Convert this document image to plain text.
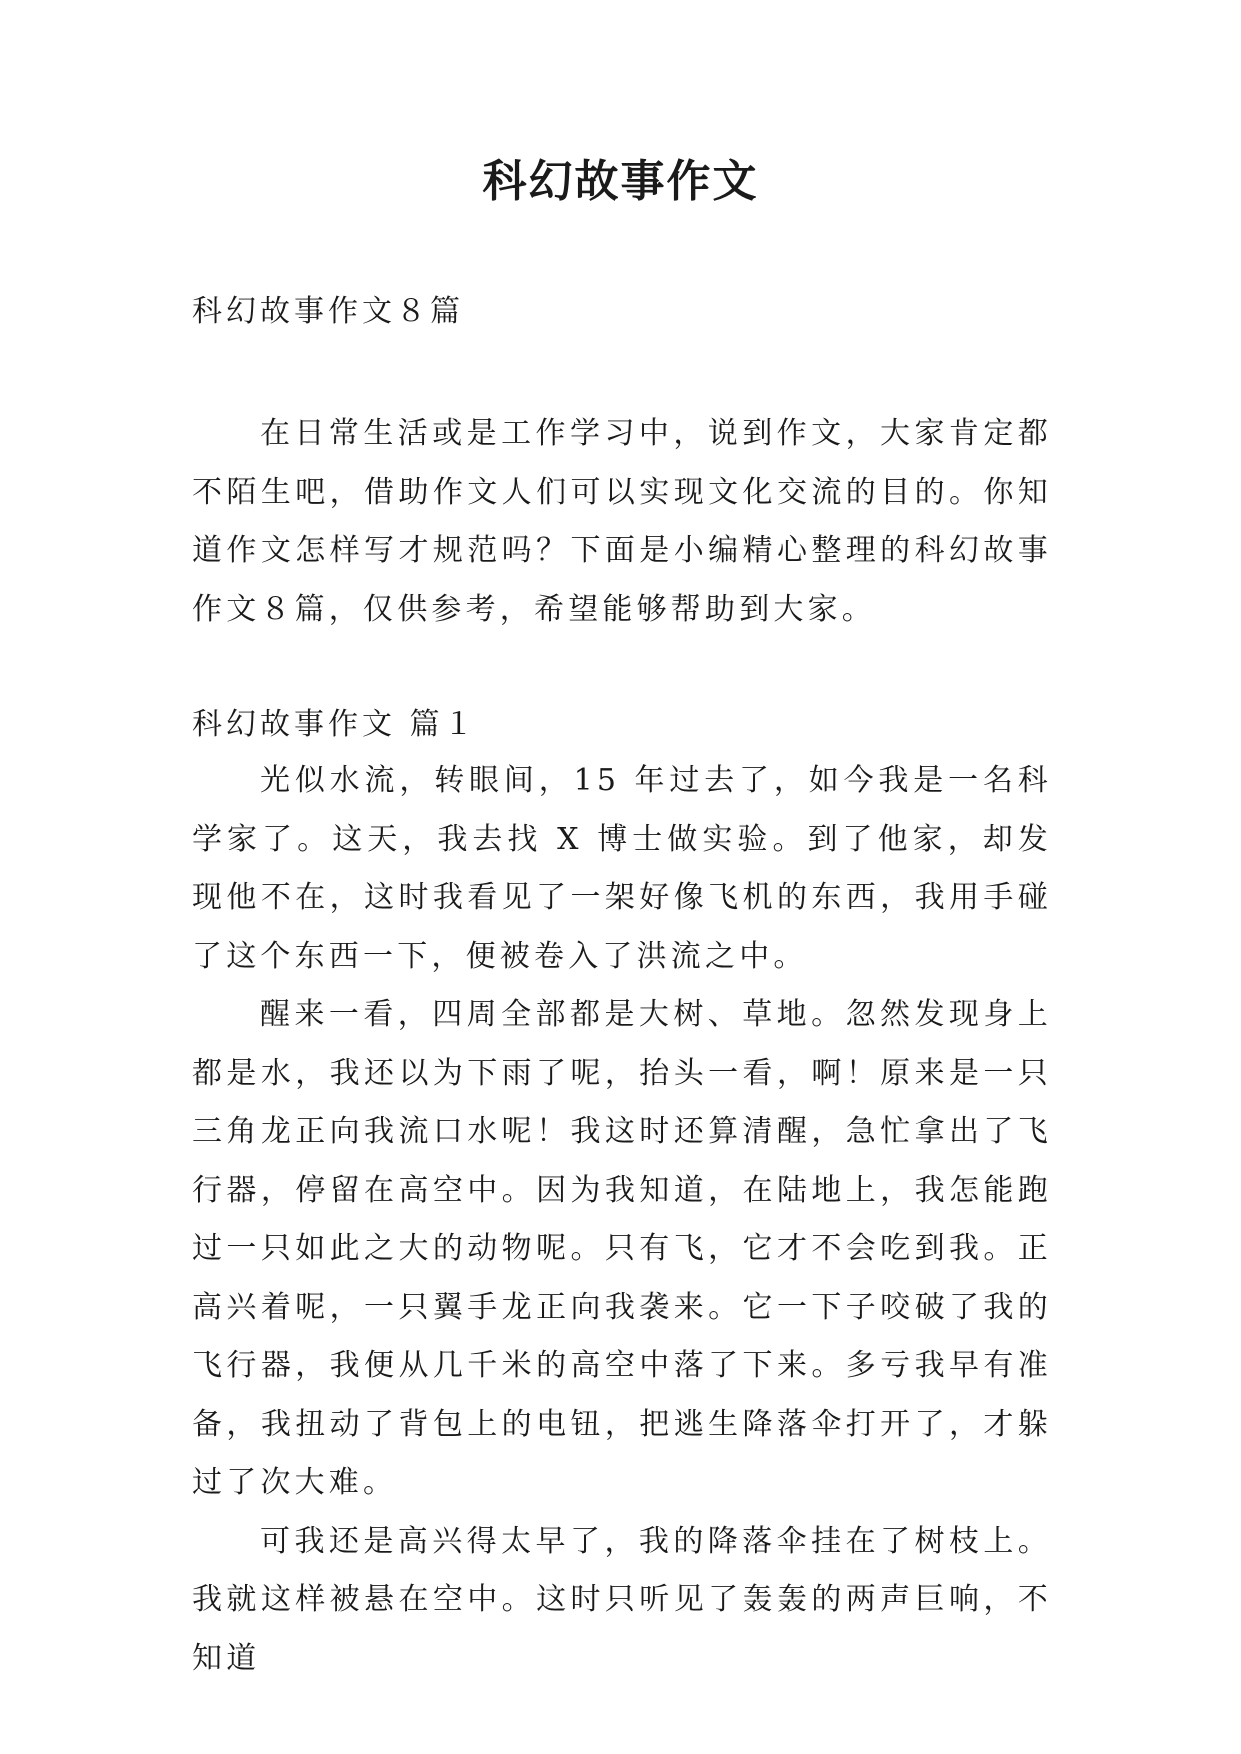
科幻故事作文
科幻故事作文８篇

在日常生活或是工作学习中，说到作文，大家肯定都不陌生吧，借助作文人们可以实现文化交流的目的。你知道作文怎样写才规范吗？下面是小编精心整理的科幻故事作文８篇，仅供参考，希望能够帮助到大家。

科幻故事作文 篇１

光似水流，转眼间，15 年过去了，如今我是一名科学家了。这天，我去找 X 博士做实验。到了他家，却发现他不在，这时我看见了一架好像飞机的东西，我用手碰了这个东西一下，便被卷入了洪流之中。

醒来一看，四周全部都是大树、草地。忽然发现身上都是水，我还以为下雨了呢，抬头一看，啊！原来是一只三角龙正向我流口水呢！我这时还算清醒，急忙拿出了飞行器，停留在高空中。因为我知道，在陆地上，我怎能跑过一只如此之大的动物呢。只有飞，它才不会吃到我。正高兴着呢，一只翼手龙正向我袭来。它一下子咬破了我的飞行器，我便从几千米的高空中落了下来。多亏我早有准备，我扭动了背包上的电钮，把逃生降落伞打开了，才躲过了次大难。

可我还是高兴得太早了，我的降落伞挂在了树枝上。我就这样被悬在空中。这时只听见了轰轰的两声巨响，不知道
